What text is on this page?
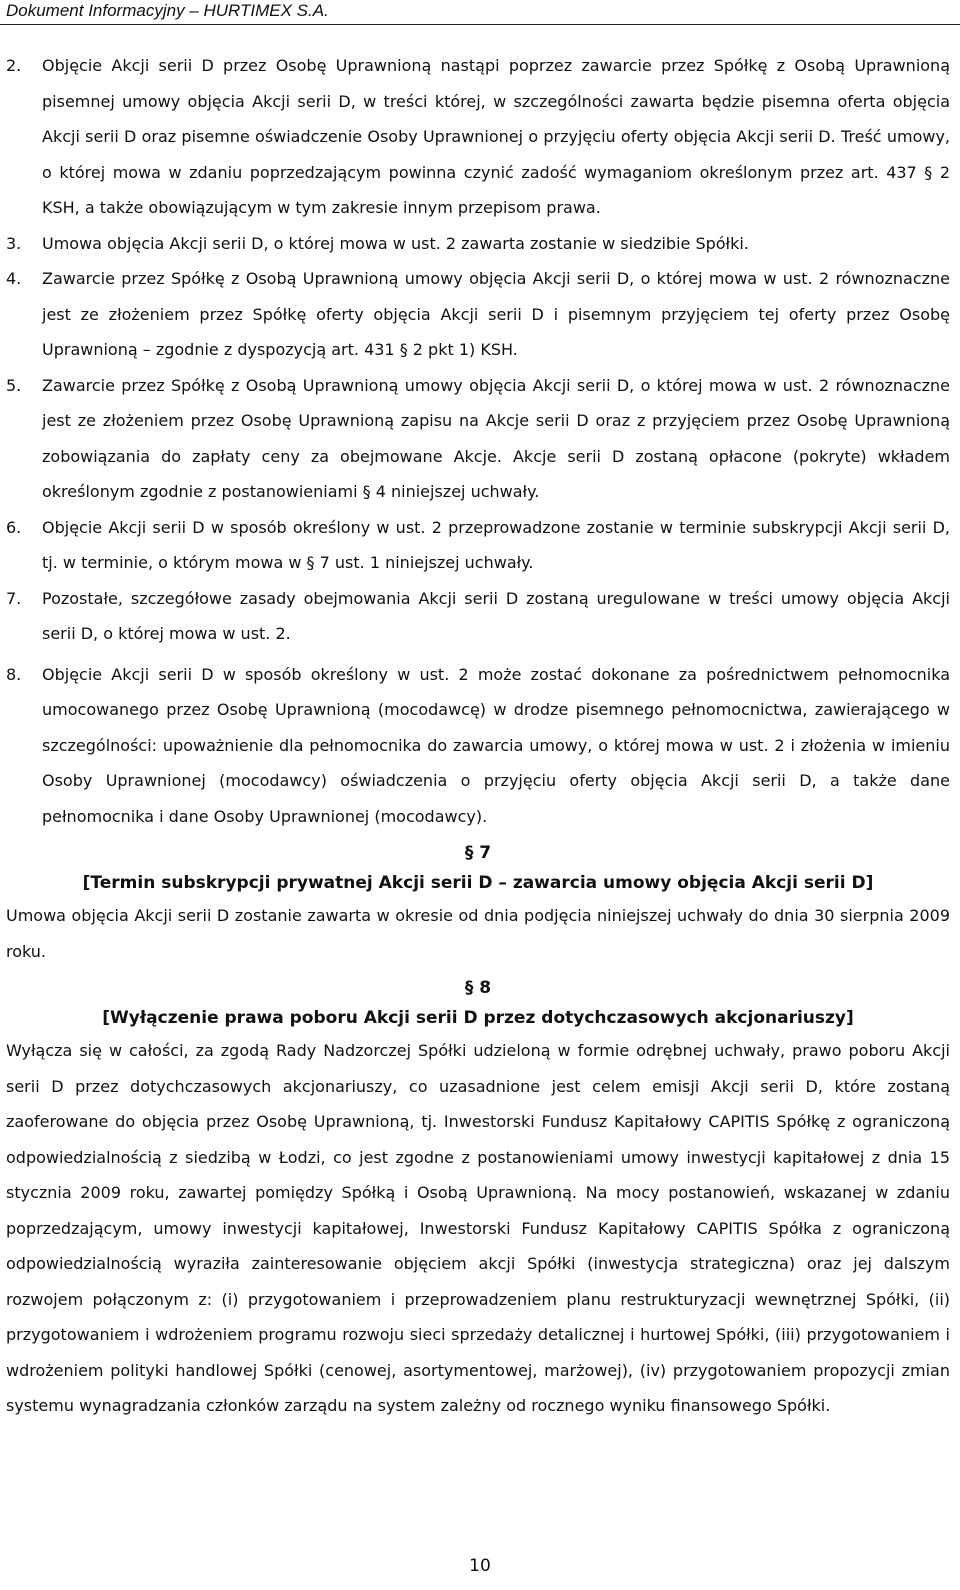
Dokument Informacyjny – HURTIMEX S.A.
2.	Objęcie Akcji serii D przez Osobę Uprawnioną nastąpi poprzez zawarcie przez Spółkę z Osobą Uprawnioną pisemnej umowy objęcia Akcji serii D, w treści której, w szczególności zawarta będzie pisemna oferta objęcia Akcji serii D oraz pisemne oświadczenie Osoby Uprawnionej o przyjęciu oferty objęcia Akcji serii D. Treść umowy, o której mowa w zdaniu poprzedzającym powinna czynić zadość wymaganiom określonym przez art. 437 § 2 KSH, a także obowiązującym w tym zakresie innym przepisom prawa.
3.	Umowa objęcia Akcji serii D, o której mowa w ust. 2 zawarta zostanie w siedzibie Spółki.
4.	Zawarcie przez Spółkę z Osobą Uprawnioną umowy objęcia Akcji serii D, o której mowa w ust. 2 równoznaczne jest ze złożeniem przez Spółkę oferty objęcia Akcji serii D i pisemnym przyjęciem tej oferty przez Osobę Uprawnioną – zgodnie z dyspozycją art. 431 § 2 pkt 1) KSH.
5.	Zawarcie przez Spółkę z Osobą Uprawnioną umowy objęcia Akcji serii D, o której mowa w ust. 2 równoznaczne jest ze złożeniem przez Osobę Uprawnioną zapisu na Akcje serii D oraz z przyjęciem przez Osobę Uprawnioną zobowiązania do zapłaty ceny za obejmowane Akcje. Akcje serii D zostaną opłacone (pokryte) wkładem określonym zgodnie z postanowieniami § 4 niniejszej uchwały.
6.	Objęcie Akcji serii D w sposób określony w ust. 2 przeprowadzone zostanie w terminie subskrypcji Akcji serii D, tj. w terminie, o którym mowa w § 7 ust. 1 niniejszej uchwały.
7.	Pozostałe, szczegółowe zasady obejmowania Akcji serii D zostaną uregulowane w treści umowy objęcia Akcji serii D, o której mowa w ust. 2.
8.	Objęcie Akcji serii D w sposób określony w ust. 2 może zostać dokonane za pośrednictwem pełnomocnika umocowanego przez Osobę Uprawnioną (mocodawcę) w drodze pisemnego pełnomocnictwa, zawierającego w szczególności: upoważnienie dla pełnomocnika do zawarcia umowy, o której mowa w ust. 2 i złożenia w imieniu Osoby Uprawnionej (mocodawcy) oświadczenia o przyjęciu oferty objęcia Akcji serii D, a także dane pełnomocnika i dane Osoby Uprawnionej (mocodawcy).
§ 7
[Termin subskrypcji prywatnej Akcji serii D – zawarcia umowy objęcia Akcji serii D]
Umowa objęcia Akcji serii D zostanie zawarta w okresie od dnia podjęcia niniejszej uchwały do dnia 30 sierpnia 2009 roku.
§ 8
[Wyłączenie prawa poboru Akcji serii D przez dotychczasowych akcjonariuszy]
Wyłącza się w całości, za zgodą Rady Nadzorczej Spółki udzieloną w formie odrębnej uchwały, prawo poboru Akcji serii D przez dotychczasowych akcjonariuszy, co uzasadnione jest celem emisji Akcji serii D, które zostaną zaoferowane do objęcia przez Osobę Uprawnioną, tj. Inwestorski Fundusz Kapitałowy CAPITIS Spółkę z ograniczoną odpowiedzialnością z siedzibą w Łodzi, co jest zgodne z postanowieniami umowy inwestycji kapitałowej z dnia 15 stycznia 2009 roku, zawartej pomiędzy Spółką i Osobą Uprawnioną. Na mocy postanowień, wskazanej w zdaniu poprzedzającym, umowy inwestycji kapitałowej, Inwestorski Fundusz Kapitałowy CAPITIS Spółka z ograniczoną odpowiedzialnością wyraziła zainteresowanie objęciem akcji Spółki (inwestycja strategiczna) oraz jej dalszym rozwojem połączonym z: (i) przygotowaniem i przeprowadzeniem planu restrukturyzacji wewnętrznej Spółki, (ii) przygotowaniem i wdrożeniem programu rozwoju sieci sprzedaży detalicznej i hurtowej Spółki, (iii) przygotowaniem i wdrożeniem polityki handlowej Spółki (cenowej, asortymentowej, marżowej), (iv) przygotowaniem propozycji zmian systemu wynagradzania członków zarządu na system zależny od rocznego wyniku finansowego Spółki.
10
